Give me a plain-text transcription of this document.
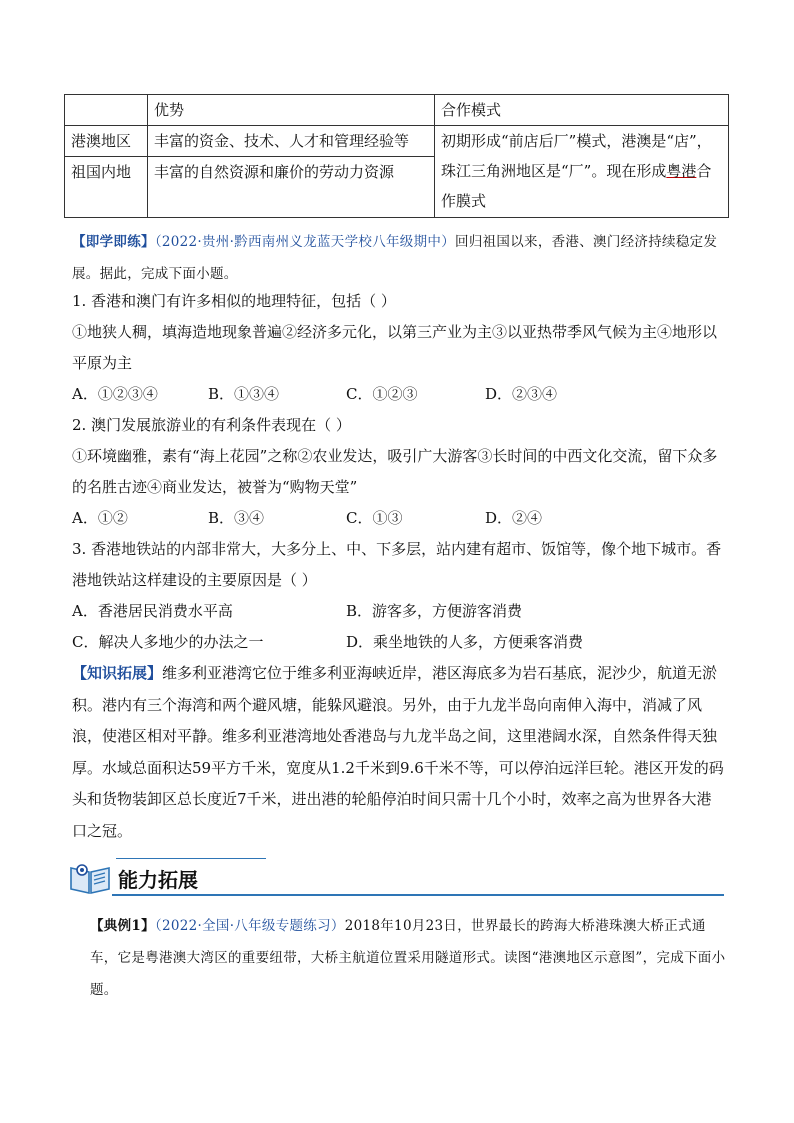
	优势	合作模式
港澳地区	丰富的资金、技术、人才和管理经验等	初期形成“前店后厂”模式，港澳是“店”，珠江三角洲地区是“厂”。现在形成粤港合作膜式
祖国内地	丰富的自然资源和廉价的劳动力资源	
【即学即练】（2022·贵州·黔西南州义龙蓝天学校八年级期中）回归祖国以来，香港、澳门经济持续稳定发展。据此，完成下面小题。
1. 香港和澳门有许多相似的地理特征，包括（ ）
①地狭人稠，填海造地现象普遍②经济多元化，以第三产业为主③以亚热带季风气候为主④地形以平原为主
A．①②③④	B．①③④	C．①②③	D．②③④
2. 澳门发展旅游业的有利条件表现在（ ）
①环境幽雅，素有“海上花园”之称②农业发达，吸引广大游客③长时间的中西文化交流，留下众多的名胜古迹④商业发达，被誉为“购物天堂”
A．①②	B．③④	C．①③	D．②④
3. 香港地铁站的内部非常大，大多分上、中、下多层，站内建有超市、饭馆等，像个地下城市。香港地铁站这样建设的主要原因是（ ）
A．香港居民消费水平高	B．游客多，方便游客消费
C．解决人多地少的办法之一	D．乘坐地铁的人多，方便乘客消费
【知识拓展】维多利亚港湾它位于维多利亚海峡近岸，港区海底多为岩石基底，泥沙少，航道无淤积。港内有三个海湾和两个避风塘，能躲风避浪。另外，由于九龙半岛向南伸入海中，消减了风浪，使港区相对平静。维多利亚港湾地处香港岛与九龙半岛之间，这里港阔水深，自然条件得天独厚。水域总面积达59平方千米，宽度从1.2千米到9.6千米不等，可以停泊远洋巨轮。港区开发的码头和货物装卸区总长度近7千米，进出港的轮船停泊时间只需十几个小时，效率之高为世界各大港口之冠。
能力拓展
【典例1】（2022·全国·八年级专题练习）2018年10月23日，世界最长的跨海大桥港珠澳大桥正式通车，它是粤港澳大湾区的重要纽带，大桥主航道位置采用隧道形式。读图“港澳地区示意图”，完成下面小题。
